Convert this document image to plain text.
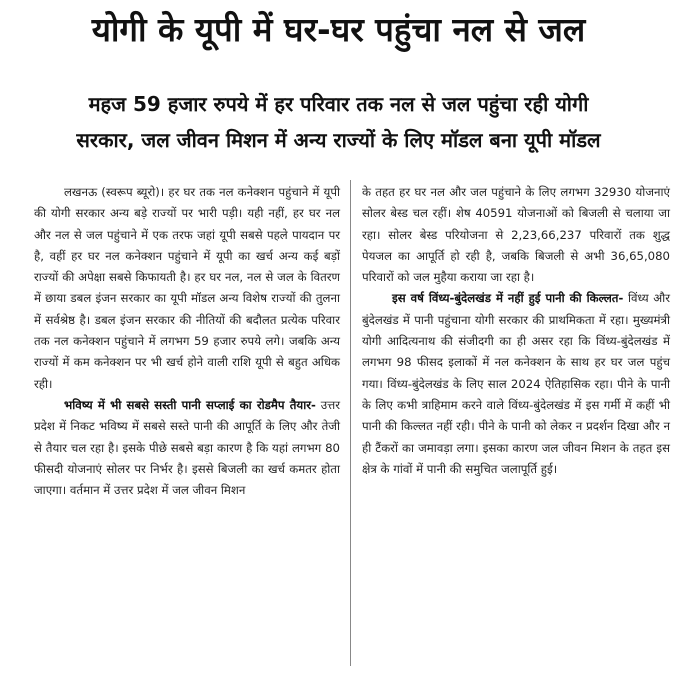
योगी के यूपी में घर-घर पहुंचा नल से जल
महज 59 हजार रुपये में हर परिवार तक नल से जल पहुंचा रही योगी
सरकार, जल जीवन मिशन में अन्य राज्यों के लिए मॉडल बना यूपी मॉडल

लखनऊ (स्वरूप ब्यूरो)। हर घर तक नल कनेक्शन पहुंचाने में यूपी की योगी सरकार अन्य बड़े राज्यों पर भारी पड़ी। यही नहीं, हर घर नल और नल से जल पहुंचाने में एक तरफ जहां यूपी सबसे पहले पायदान पर है, वहीं हर घर नल कनेक्शन पहुंचाने में यूपी का खर्च अन्य कई बड़ों राज्यों की अपेक्षा सबसे किफायती है। हर घर नल, नल से जल के वितरण में छाया डबल इंजन सरकार का यूपी मॉडल अन्य विशेष राज्यों की तुलना में सर्वश्रेष्ठ है। डबल इंजन सरकार की नीतियों की बदौलत प्रत्येक परिवार तक नल कनेक्शन पहुंचाने में लगभग 59 हजार रुपये लगे। जबकि अन्य राज्यों में कम कनेक्शन पर भी खर्च होने वाली राशि यूपी से बहुत अधिक रही।

भविष्य में भी सबसे सस्ती पानी सप्लाई का रोडमैप तैयार- उत्तर प्रदेश में निकट भविष्य में सबसे सस्ते पानी की आपूर्ति के लिए और तेजी से तैयार चल रहा है। इसके पीछे सबसे बड़ा कारण है कि यहां लगभग 80 फीसदी योजनाएं सोलर पर निर्भर है। इससे बिजली का खर्च कमतर होता जाएगा। वर्तमान में उत्तर प्रदेश में जल जीवन मिशन

के तहत हर घर नल और जल पहुंचाने के लिए लगभग 32930 योजनाएं सोलर बेस्ड चल रहीं। शेष 40591 योजनाओं को बिजली से चलाया जा रहा। सोलर बेस्ड परियोजना से 2,23,66,237 परिवारों तक शुद्ध पेयजल का आपूर्ति हो रही है, जबकि बिजली से अभी 36,65,080 परिवारों को जल मुहैया कराया जा रहा है।

इस वर्ष विंध्य-बुंदेलखंड में नहीं हुई पानी की किल्लत- विंध्य और बुंदेलखंड में पानी पहुंचाना योगी सरकार की प्राथमिकता में रहा। मुख्यमंत्री योगी आदित्यनाथ की संजीदगी का ही असर रहा कि विंध्य-बुंदेलखंड में लगभग 98 फीसद इलाकों में नल कनेक्शन के साथ हर घर जल पहुंच गया। विंध्य-बुंदेलखंड के लिए साल 2024 ऐतिहासिक रहा। पीने के पानी के लिए कभी त्राहिमाम करने वाले विंध्य-बुंदेलखंड में इस गर्मी में कहीं भी पानी की किल्लत नहीं रही। पीने के पानी को लेकर न प्रदर्शन दिखा और न ही टैंकरों का जमावड़ा लगा। इसका कारण जल जीवन मिशन के तहत इस क्षेत्र के गांवों में पानी की समुचित जलापूर्ति हुई।
